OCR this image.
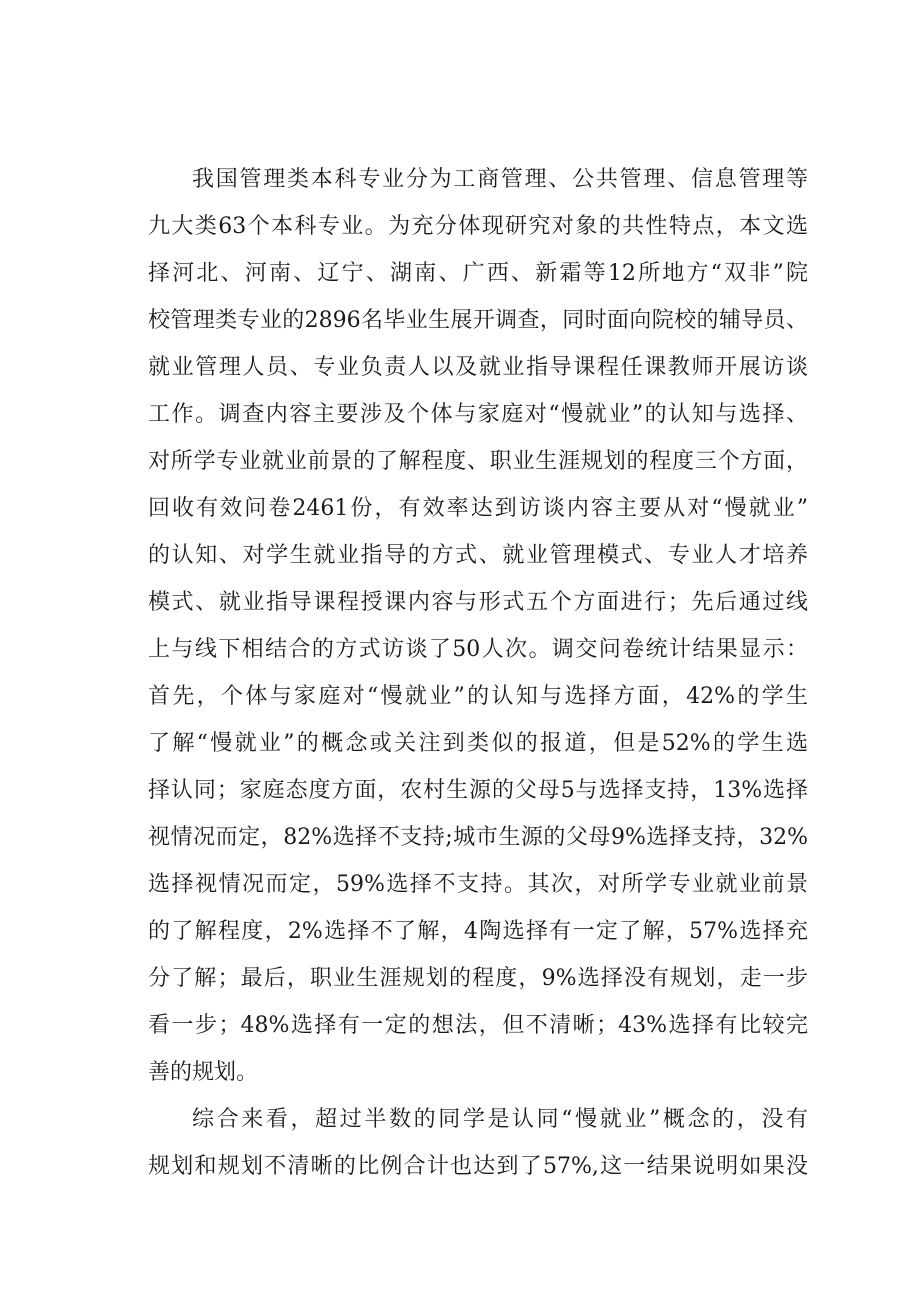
我国管理类本科专业分为工商管理、公共管理、信息管理等
九大类63个本科专业。为充分体现研究对象的共性特点，本文选
择河北、河南、辽宁、湖南、广西、新霜等12所地方“双非”院
校管理类专业的2896名毕业生展开调查，同时面向院校的辅导员、
就业管理人员、专业负责人以及就业指导课程任课教师开展访谈
工作。调查内容主要涉及个体与家庭对“慢就业”的认知与选择、
对所学专业就业前景的了解程度、职业生涯规划的程度三个方面，
回收有效问卷2461份，有效率达到访谈内容主要从对“慢就业”
的认知、对学生就业指导的方式、就业管理模式、专业人才培养
模式、就业指导课程授课内容与形式五个方面进行；先后通过线
上与线下相结合的方式访谈了50人次。调交问卷统计结果显示：
首先，个体与家庭对“慢就业”的认知与选择方面，42%的学生
了解“慢就业”的概念或关注到类似的报道，但是52%的学生选
择认同；家庭态度方面，农村生源的父母5与选择支持，13%选择
视情况而定，82%选择不支持;城市生源的父母9%选择支持，32%
选择视情况而定，59%选择不支持。其次，对所学专业就业前景
的了解程度，2%选择不了解，4陶选择有一定了解，57%选择充
分了解；最后，职业生涯规划的程度，9%选择没有规划，走一步
看一步；48%选择有一定的想法，但不清晰；43%选择有比较完
善的规划。
综合来看，超过半数的同学是认同“慢就业”概念的，没有
规划和规划不清晰的比例合计也达到了57%,这一结果说明如果没
